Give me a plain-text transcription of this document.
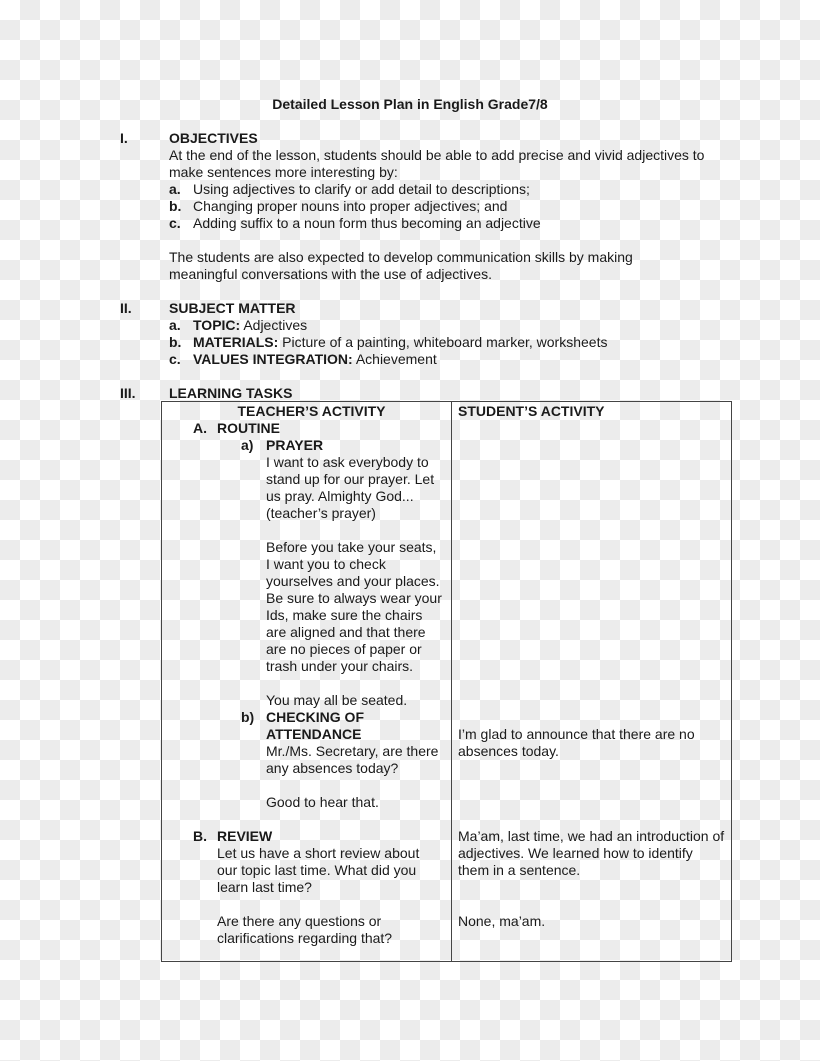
Detailed Lesson Plan in English Grade7/8
I.	OBJECTIVES
At the end of the lesson, students should be able to add precise and vivid adjectives to make sentences more interesting by:
a. Using adjectives to clarify or add detail to descriptions;
b. Changing proper nouns into proper adjectives; and
c. Adding suffix to a noun form thus becoming an adjective
The students are also expected to develop communication skills by making meaningful conversations with the use of adjectives.
II.	SUBJECT MATTER
a. TOPIC: Adjectives
b. MATERIALS: Picture of a painting, whiteboard marker, worksheets
c. VALUES INTEGRATION: Achievement
III. LEARNING TASKS
TEACHER’S ACTIVITY
A. ROUTINE
a) PRAYER
I want to ask everybody to stand up for our prayer. Let us pray. Almighty God... (teacher’s prayer)
Before you take your seats, I want you to check yourselves and your places. Be sure to always wear your Ids, make sure the chairs are aligned and that there are no pieces of paper or trash under your chairs.
You may all be seated.
b) CHECKING OF ATTENDANCE
Mr./Ms. Secretary, are there any absences today?
Good to hear that.
B. REVIEW
Let us have a short review about our topic last time. What did you learn last time?
Are there any questions or clarifications regarding that?
STUDENT’S ACTIVITY
I’m glad to announce that there are no absences today.
Ma’am, last time, we had an introduction of adjectives. We learned how to identify them in a sentence.
None, ma’am.
